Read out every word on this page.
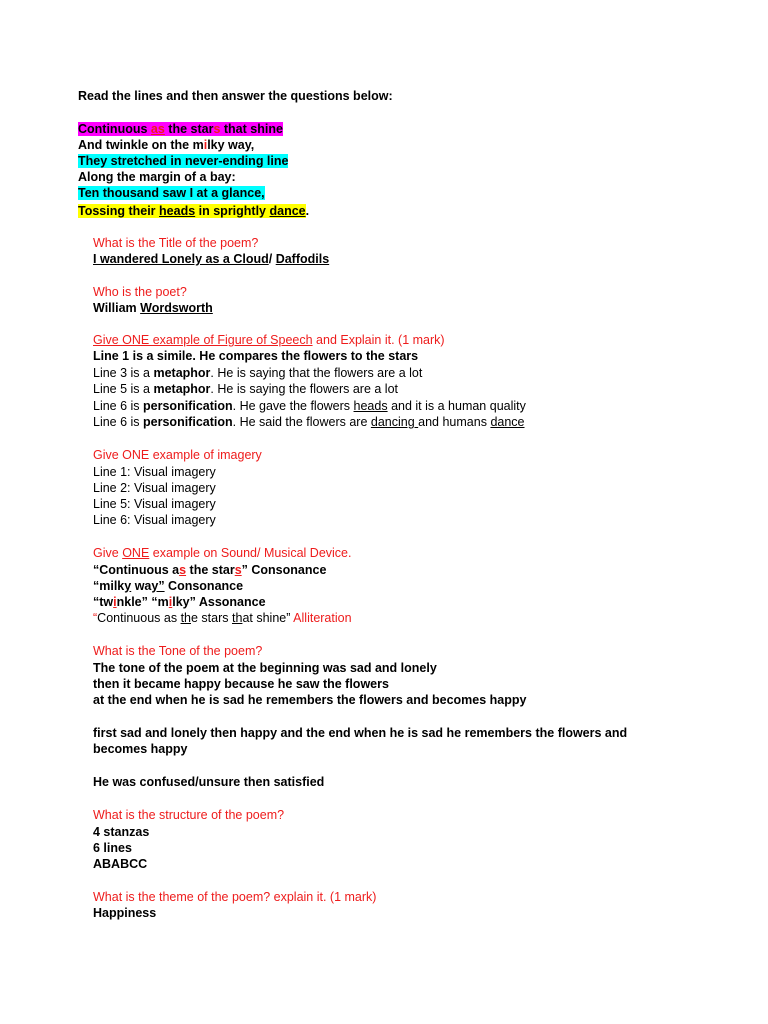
Read the lines and then answer the questions below:
Continuous as the stars that shine
And twinkle on the milky way,
They stretched in never-ending line
Along the margin of a bay:
Ten thousand saw I at a glance,
Tossing their heads in sprightly dance.
What is the Title of the poem?
I wandered Lonely as a Cloud/ Daffodils
Who is the poet?
William Wordsworth
Give ONE example of Figure of Speech and Explain it. (1 mark)
Line 1 is a simile. He compares the flowers to the stars
Line 3 is a metaphor. He is saying that the flowers are a lot
Line 5 is a metaphor. He is saying the flowers are a lot
Line 6 is personification. He gave the flowers heads and it is a human quality
Line 6 is personification. He said the flowers are dancing and humans dance
Give ONE example of imagery
Line 1: Visual imagery
Line 2: Visual imagery
Line 5: Visual imagery
Line 6: Visual imagery
Give ONE example on Sound/ Musical Device.
“Continuous as the stars” Consonance
“milky way” Consonance
“twinkle” “milky” Assonance
“Continuous as the stars that shine” Alliteration
What is the Tone of the poem?
The tone of the poem at the beginning was sad and lonely
then it became happy because he saw the flowers
at the end when he is sad he remembers the flowers and becomes happy
first sad and lonely then happy and the end when he is sad he remembers the flowers and becomes happy
He was confused/unsure then satisfied
What is the structure of the poem?
4 stanzas
6 lines
ABABCC
What is the theme of the poem? explain it. (1 mark)
Happiness
